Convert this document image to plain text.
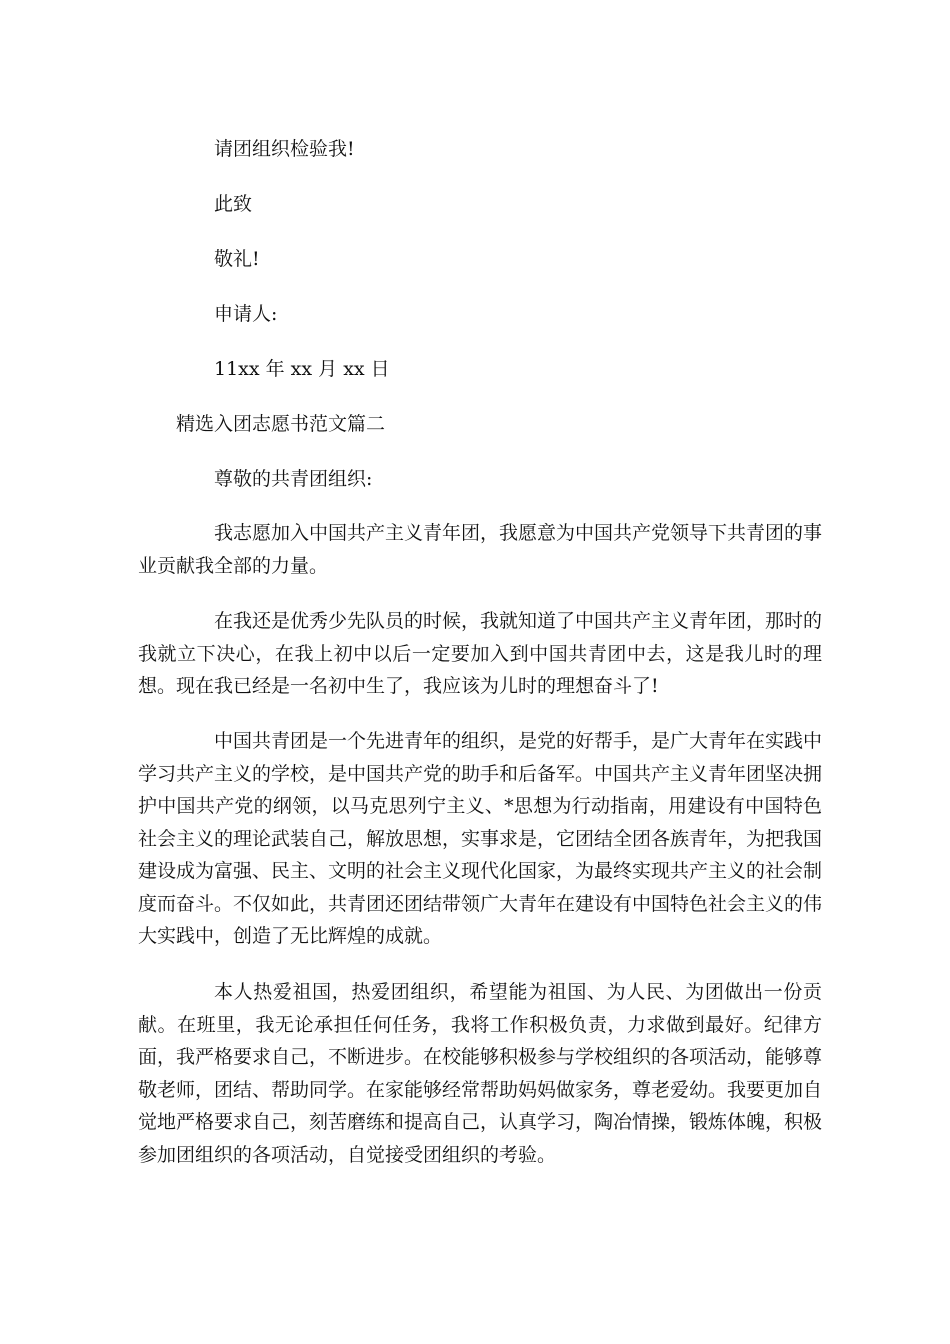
请团组织检验我!
此致
敬礼!
申请人:
11xx 年 xx 月 xx 日
精选入团志愿书范文篇二
尊敬的共青团组织:

我志愿加入中国共产主义青年团，我愿意为中国共产党领导下共青团的事业贡献我全部的力量。

在我还是优秀少先队员的时候，我就知道了中国共产主义青年团，那时的我就立下决心，在我上初中以后一定要加入到中国共青团中去，这是我儿时的理想。现在我已经是一名初中生了，我应该为儿时的理想奋斗了!

中国共青团是一个先进青年的组织，是党的好帮手，是广大青年在实践中学习共产主义的学校，是中国共产党的助手和后备军。中国共产主义青年团坚决拥护中国共产党的纲领，以马克思列宁主义、*思想为行动指南，用建设有中国特色社会主义的理论武装自己，解放思想，实事求是，它团结全团各族青年，为把我国建设成为富强、民主、文明的社会主义现代化国家，为最终实现共产主义的社会制度而奋斗。不仅如此，共青团还团结带领广大青年在建设有中国特色社会主义的伟大实践中，创造了无比辉煌的成就。

本人热爱祖国，热爱团组织，希望能为祖国、为人民、为团做出一份贡献。在班里，我无论承担任何任务，我将工作积极负责，力求做到最好。纪律方面，我严格要求自己，不断进步。在校能够积极参与学校组织的各项活动，能够尊敬老师，团结、帮助同学。在家能够经常帮助妈妈做家务，尊老爱幼。我要更加自觉地严格要求自己，刻苦磨练和提高自己，认真学习，陶冶情操，锻炼体魄，积极参加团组织的各项活动，自觉接受团组织的考验。
